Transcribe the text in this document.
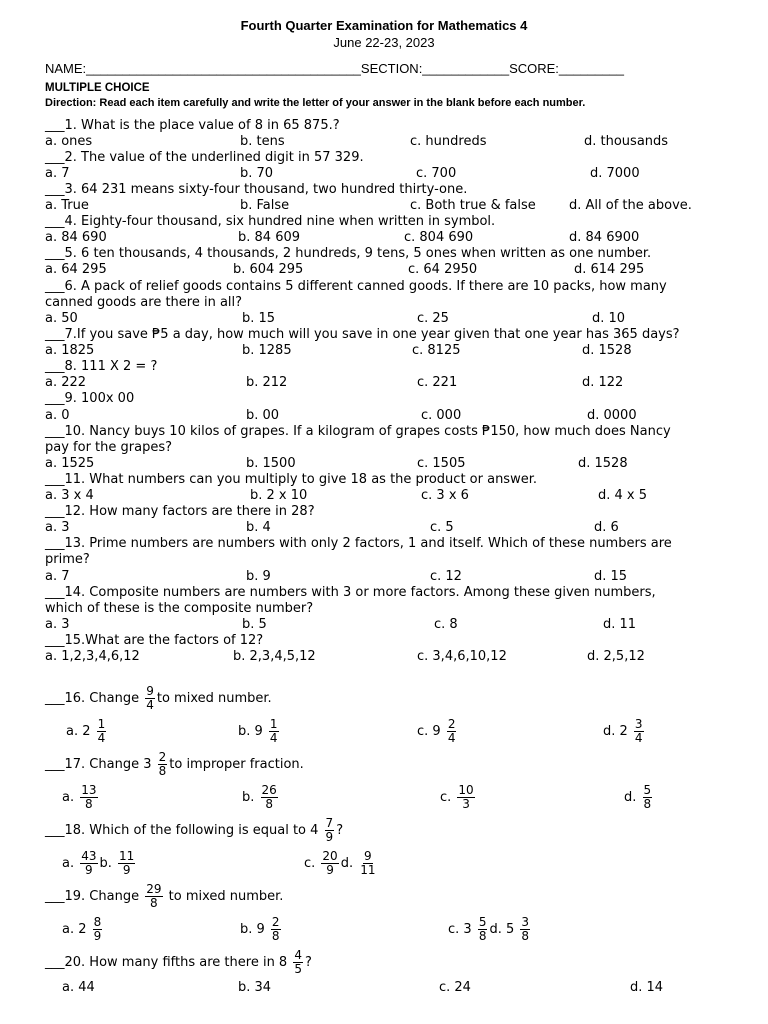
Fourth Quarter Examination for Mathematics 4
June 22-23, 2023
NAME:______________________________________SECTION:____________SCORE:_________
MULTIPLE CHOICE
Direction: Read each item carefully and write the letter of your answer in the blank before each number.
___1. What is the place value of 8 in 65 875.?
a. ones	b. tens	c. hundreds	d. thousands
___2. The value of the underlined digit in 57 329.
a. 7	b. 70	c. 700	d. 7000
___3. 64 231 means sixty-four thousand, two hundred thirty-one.
a. True	b. False	c. Both true & false	d. All of the above.
___4. Eighty-four thousand, six hundred nine when written in symbol.
a. 84 690	b. 84 609	c. 804 690	d. 84 6900
___5. 6 ten thousands, 4 thousands, 2 hundreds, 9 tens, 5 ones when written as one number.
a. 64 295	b. 604 295	c. 64 2950	d. 614 295
___6. A pack of relief goods contains 5 different canned goods. If there are 10 packs, how many
canned goods are there in all?
a. 50	b. 15	c. 25	d. 10
___7.If you save ₱5 a day, how much will you save in one year given that one year has 365 days?
a. 1825	b. 1285	c. 8125	d. 1528
___8. 111 X 2 = ?
a. 222	b. 212	c. 221	d. 122
___9. 100x 00
a. 0	b. 00	c. 000	d. 0000
___10. Nancy buys 10 kilos of grapes. If a kilogram of grapes costs ₱150, how much does Nancy
pay for the grapes?
a. 1525	b. 1500	c. 1505	d. 1528
___11. What numbers can you multiply to give 18 as the product or answer.
a. 3 x 4	b. 2 x 10	c. 3 x 6	d. 4 x 5
___12. How many factors are there in 28?
a. 3	b. 4	c. 5	d. 6
___13. Prime numbers are numbers with only 2 factors, 1 and itself. Which of these numbers are
prime?
a. 7	b. 9	c. 12	d. 15
___14. Composite numbers are numbers with 3 or more factors. Among these given numbers,
which of these is the composite number?
a. 3	b. 5	c. 8	d. 11
___15.What are the factors of 12?
a. 1,2,3,4,6,12	b. 2,3,4,5,12	c. 3,4,6,10,12	d. 2,5,12
___16. Change $\frac{9}{4}$ to mixed number.
a. $2 \frac{1}{4}$	b. $9 \frac{1}{4}$	c. $9 \frac{2}{4}$	d. $2 \frac{3}{4}$
___17. Change $3 \frac{2}{8}$ to improper fraction.
a. $\frac{13}{8}$	b. $\frac{26}{8}$	c. $\frac{10}{3}$	d. $\frac{5}{8}$
___18. Which of the following is equal to $4 \frac{7}{9}$ ?
a. $\frac{43}{9} b$. $\frac{11}{9}$	c. $\frac{20}{9} d$. $\frac{9}{11}$
___19. Change $\frac{29}{8}$ to mixed number.
a. $2 \frac{8}{9}$	b. $9 \frac{2}{8}$	c. $3 \frac{5}{8} d$. $5 \frac{3}{8}$
___20. How many fifths are there in $8 \frac{4}{5}$ ?
a. 44	b. 34	c. 24	d. 14
